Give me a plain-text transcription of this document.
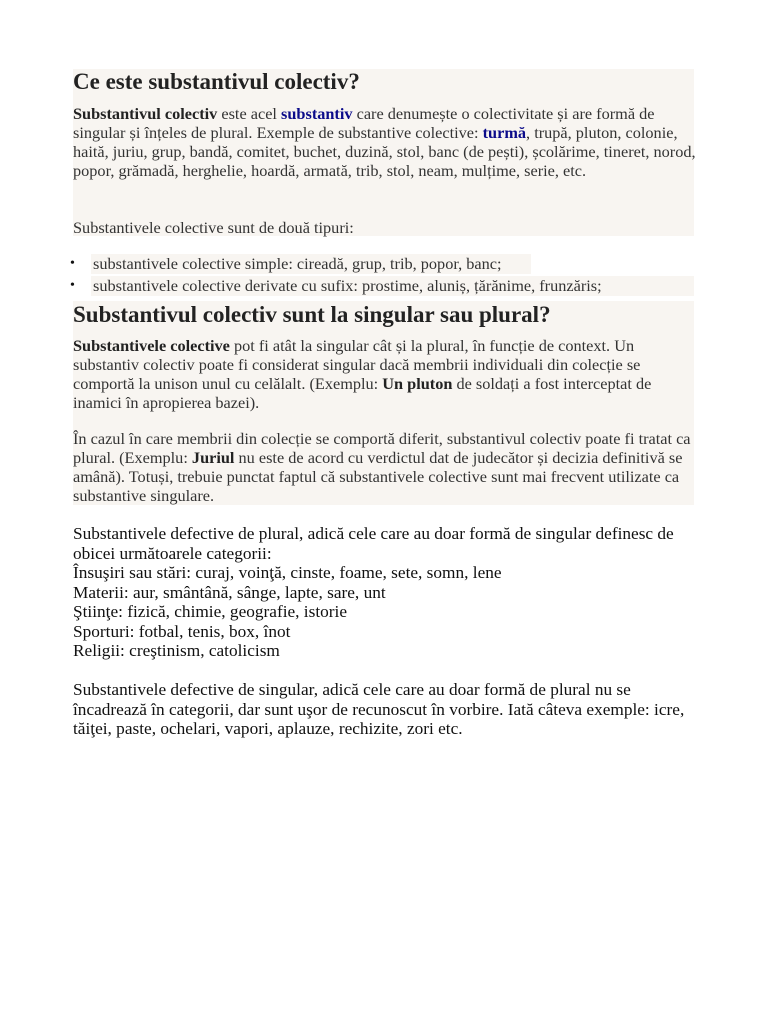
Ce este substantivul colectiv?

Substantivul colectiv este acel substantiv care denumește o colectivitate și are formă de singular și înțeles de plural. Exemple de substantive colective: turmă, trupă, pluton, colonie, haită, juriu, grup, bandă, comitet, buchet, duzină, stol, banc (de pești), școlărime, tineret, norod, popor, grămadă, herghelie, hoardă, armată, trib, stol, neam, mulțime, serie, etc.

Substantivele colective sunt de două tipuri:

• substantivele colective simple: cireadă, grup, trib, popor, banc;
• substantivele colective derivate cu sufix: prostime, aluniș, țărănime, frunzăris;
Substantivul colectiv sunt la singular sau plural?

Substantivele colective pot fi atât la singular cât și la plural, în funcție de context. Un substantiv colectiv poate fi considerat singular dacă membrii individuali din colecție se comportă la unison unul cu celălalt. (Exemplu: Un pluton de soldați a fost interceptat de inamici în apropierea bazei).

În cazul în care membrii din colecție se comportă diferit, substantivul colectiv poate fi tratat ca plural. (Exemplu: Juriul nu este de acord cu verdictul dat de judecător și decizia definitivă se amână). Totuși, trebuie punctat faptul că substantivele colective sunt mai frecvent utilizate ca substantive singulare.

Substantivele defective de plural, adică cele care au doar formă de singular definesc de obicei următoarele categorii:

Însuşiri sau stări: curaj, voinţă, cinste, foame, sete, somn, lene
Materii: aur, smântână, sânge, lapte, sare, unt
Ştiinţe: fizică, chimie, geografie, istorie
Sporturi: fotbal, tenis, box, înot
Religii: creştinism, catolicism

Substantivele defective de singular, adică cele care au doar formă de plural nu se încadrează în categorii, dar sunt uşor de recunoscut în vorbire. Iată câteva exemple: icre, tăiţei, paste, ochelari, vapori, aplauze, rechizite, zori etc.
